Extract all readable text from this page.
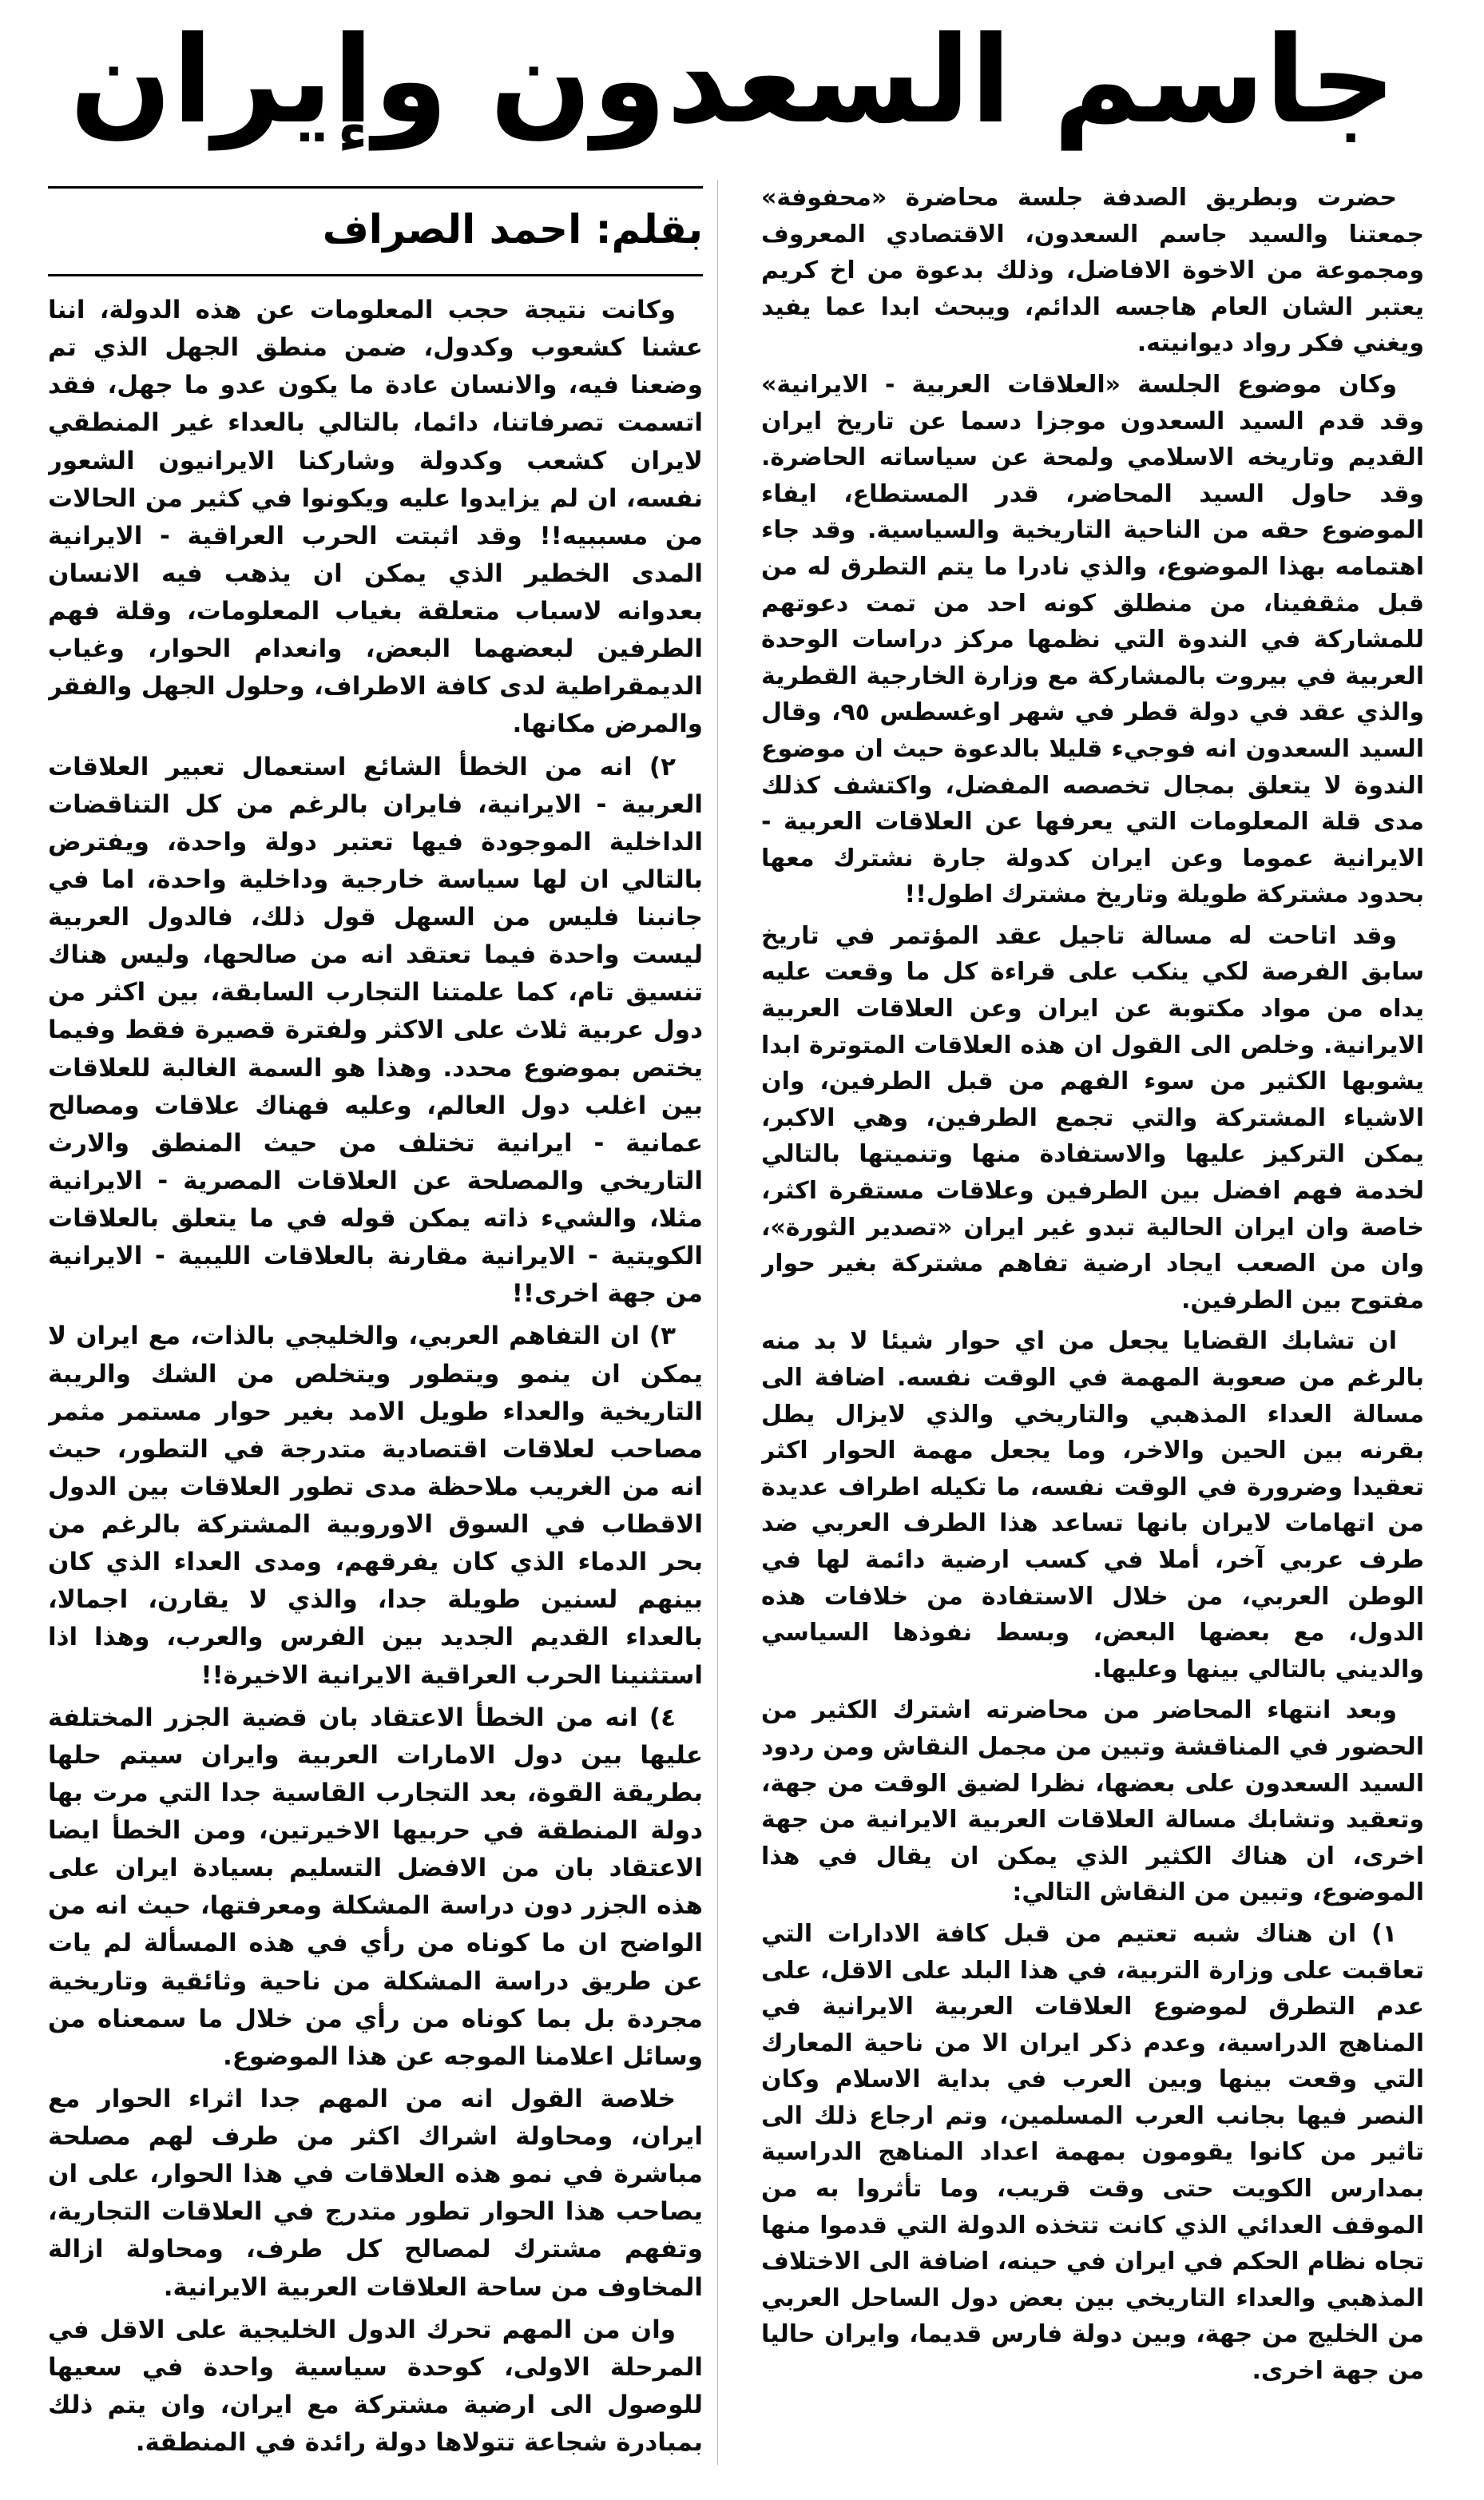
جاسم السعدون وإيران

حضرت وبطريق الصدفة جلسة محاضرة «محفوفة» جمعتنا والسيد جاسم السعدون، الاقتصادي المعروف ومجموعة من الاخوة الافاضل، وذلك بدعوة من اخ كريم يعتبر الشان العام هاجسه الدائم، ويبحث ابدا عما يفيد ويغني فكر رواد ديوانيته.

وكان موضوع الجلسة «العلاقات العربية - الايرانية» وقد قدم السيد السعدون موجزا دسما عن تاريخ ايران القديم وتاريخه الاسلامي ولمحة عن سياساته الحاضرة. وقد حاول السيد المحاضر، قدر المستطاع، ايفاء الموضوع حقه من الناحية التاريخية والسياسية. وقد جاء اهتمامه بهذا الموضوع، والذي نادرا ما يتم التطرق له من قبل مثقفينا، من منطلق كونه احد من تمت دعوتهم للمشاركة في الندوة التي نظمها مركز دراسات الوحدة العربية في بيروت بالمشاركة مع وزارة الخارجية القطرية والذي عقد في دولة قطر في شهر اوغسطس ٩٥، وقال السيد السعدون انه فوجيء قليلا بالدعوة حيث ان موضوع الندوة لا يتعلق بمجال تخصصه المفضل، واكتشف كذلك مدى قلة المعلومات التي يعرفها عن العلاقات العربية - الايرانية عموما وعن ايران كدولة جارة نشترك معها بحدود مشتركة طويلة وتاريخ مشترك اطول!!

وقد اتاحت له مسالة تاجيل عقد المؤتمر في تاريخ سابق الفرصة لكي ينكب على قراءة كل ما وقعت عليه يداه من مواد مكتوبة عن ايران وعن العلاقات العربية الايرانية. وخلص الى القول ان هذه العلاقات المتوترة ابدا يشوبها الكثير من سوء الفهم من قبل الطرفين، وان الاشياء المشتركة والتي تجمع الطرفين، وهي الاكبر، يمكن التركيز عليها والاستفادة منها وتنميتها بالتالي لخدمة فهم افضل بين الطرفين وعلاقات مستقرة اكثر، خاصة وان ايران الحالية تبدو غير ايران «تصدير الثورة»، وان من الصعب ايجاد ارضية تفاهم مشتركة بغير حوار مفتوح بين الطرفين.

ان تشابك القضايا يجعل من اي حوار شيئا لا بد منه بالرغم من صعوبة المهمة في الوقت نفسه. اضافة الى مسالة العداء المذهبي والتاريخي والذي لايزال يطل بقرنه بين الحين والاخر، وما يجعل مهمة الحوار اكثر تعقيدا وضرورة في الوقت نفسه، ما تكيله اطراف عديدة من اتهامات لايران بانها تساعد هذا الطرف العربي ضد طرف عربي آخر، أملا في كسب ارضية دائمة لها في الوطن العربي، من خلال الاستفادة من خلافات هذه الدول، مع بعضها البعض، وبسط نفوذها السياسي والديني بالتالي بينها وعليها.

وبعد انتهاء المحاضر من محاضرته اشترك الكثير من الحضور في المناقشة وتبين من مجمل النقاش ومن ردود السيد السعدون على بعضها، نظرا لضيق الوقت من جهة، وتعقيد وتشابك مسالة العلاقات العربية الايرانية من جهة اخرى، ان هناك الكثير الذي يمكن ان يقال في هذا الموضوع، وتبين من النقاش التالي:

١) ان هناك شبه تعتيم من قبل كافة الادارات التي تعاقبت على وزارة التربية، في هذا البلد على الاقل، على عدم التطرق لموضوع العلاقات العربية الايرانية في المناهج الدراسية، وعدم ذكر ايران الا من ناحية المعارك التي وقعت بينها وبين العرب في بداية الاسلام وكان النصر فيها بجانب العرب المسلمين، وتم ارجاع ذلك الى تاثير من كانوا يقومون بمهمة اعداد المناهج الدراسية بمدارس الكويت حتى وقت قريب، وما تأثروا به من الموقف العدائي الذي كانت تتخذه الدولة التي قدموا منها تجاه نظام الحكم في ايران في حينه، اضافة الى الاختلاف المذهبي والعداء التاريخي بين بعض دول الساحل العربي من الخليج من جهة، وبين دولة فارس قديما، وايران حاليا من جهة اخرى.

بقلم: احمد الصراف

وكانت نتيجة حجب المعلومات عن هذه الدولة، اننا عشنا كشعوب وكدول، ضمن منطق الجهل الذي تم وضعنا فيه، والانسان عادة ما يكون عدو ما جهل، فقد اتسمت تصرفاتنا، دائما، بالتالي بالعداء غير المنطقي لايران كشعب وكدولة وشاركنا الايرانيون الشعور نفسه، ان لم يزايدوا عليه ويكونوا في كثير من الحالات من مسببيه!! وقد اثبتت الحرب العراقية - الايرانية المدى الخطير الذي يمكن ان يذهب فيه الانسان بعدوانه لاسباب متعلقة بغياب المعلومات، وقلة فهم الطرفين لبعضهما البعض، وانعدام الحوار، وغياب الديمقراطية لدى كافة الاطراف، وحلول الجهل والفقر والمرض مكانها.

٢) انه من الخطأ الشائع استعمال تعبير العلاقات العربية - الايرانية، فايران بالرغم من كل التناقضات الداخلية الموجودة فيها تعتبر دولة واحدة، ويفترض بالتالي ان لها سياسة خارجية وداخلية واحدة، اما في جانبنا فليس من السهل قول ذلك، فالدول العربية ليست واحدة فيما تعتقد انه من صالحها، وليس هناك تنسيق تام، كما علمتنا التجارب السابقة، بين اكثر من دول عربية ثلاث على الاكثر ولفترة قصيرة فقط وفيما يختص بموضوع محدد. وهذا هو السمة الغالبة للعلاقات بين اغلب دول العالم، وعليه فهناك علاقات ومصالح عمانية - ايرانية تختلف من حيث المنطق والارث التاريخي والمصلحة عن العلاقات المصرية - الايرانية مثلا، والشيء ذاته يمكن قوله في ما يتعلق بالعلاقات الكويتية - الايرانية مقارنة بالعلاقات الليبية - الايرانية من جهة اخرى!!

٣) ان التفاهم العربي، والخليجي بالذات، مع ايران لا يمكن ان ينمو ويتطور ويتخلص من الشك والريبة التاريخية والعداء طويل الامد بغير حوار مستمر مثمر مصاحب لعلاقات اقتصادية متدرجة في التطور، حيث انه من الغريب ملاحظة مدى تطور العلاقات بين الدول الاقطاب في السوق الاوروبية المشتركة بالرغم من بحر الدماء الذي كان يفرقهم، ومدى العداء الذي كان بينهم لسنين طويلة جدا، والذي لا يقارن، اجمالا، بالعداء القديم الجديد بين الفرس والعرب، وهذا اذا استثنينا الحرب العراقية الايرانية الاخيرة!!

٤) انه من الخطأ الاعتقاد بان قضية الجزر المختلفة عليها بين دول الامارات العربية وايران سيتم حلها بطريقة القوة، بعد التجارب القاسية جدا التي مرت بها دولة المنطقة في حربيها الاخيرتين، ومن الخطأ ايضا الاعتقاد بان من الافضل التسليم بسيادة ايران على هذه الجزر دون دراسة المشكلة ومعرفتها، حيث انه من الواضح ان ما كوناه من رأي في هذه المسألة لم يات عن طريق دراسة المشكلة من ناحية وثائقية وتاريخية مجردة بل بما كوناه من رأي من خلال ما سمعناه من وسائل اعلامنا الموجه عن هذا الموضوع.

خلاصة القول انه من المهم جدا اثراء الحوار مع ايران، ومحاولة اشراك اكثر من طرف لهم مصلحة مباشرة في نمو هذه العلاقات في هذا الحوار، على ان يصاحب هذا الحوار تطور متدرج في العلاقات التجارية، وتفهم مشترك لمصالح كل طرف، ومحاولة ازالة المخاوف من ساحة العلاقات العربية الايرانية.

وان من المهم تحرك الدول الخليجية على الاقل في المرحلة الاولى، كوحدة سياسية واحدة في سعيها للوصول الى ارضية مشتركة مع ايران، وان يتم ذلك بمبادرة شجاعة تتولاها دولة رائدة في المنطقة.
